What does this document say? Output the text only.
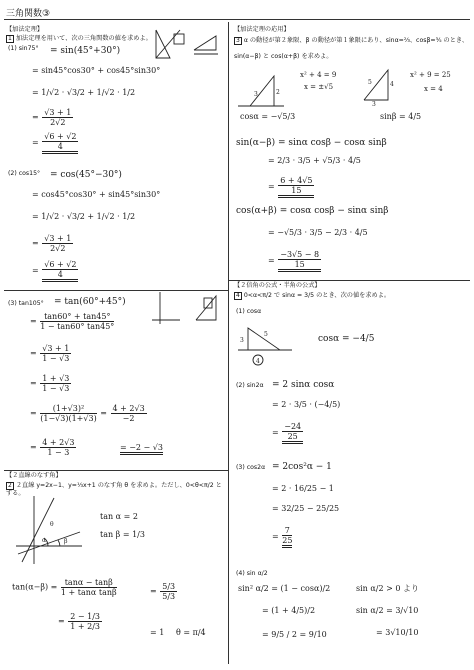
三角関数③
【加法定理】
1 加法定理を用いて、次の三角関数の値を求めよ。
(1) sin75° = sin(45°+30°)
= sin45°cos30° + cos45°sin30°
= 1/√2 · √3/2 + 1/√2 · 1/2
= $\frac{√3 + 1}{2√2}$
= $\frac{√6 + √2}{4}$
(2) cos15° = cos(45°−30°)
= cos45°cos30° + sin45°sin30°
= 1/√2 · √3/2 + 1/√2 · 1/2
= $\frac{√3 + 1}{2√2}$
= $\frac{√6 + √2}{4}$
(3) tan105° = tan(60°+45°)
= $\frac{\tan 60^\circ + \tan 45^\circ}{1 - \tan 60^\circ \tan 45^\circ}$
= $\frac{√3 + 1}{1 - √3}$
= $\frac{1 + √3}{1 - √3}$
= $\frac{\text{(1+√3)²}}{(1-√3)(1+√3)} = \frac{4 + 2√3}{-2}$
= $\frac{4 + 2√3}{1 - 3}$	= −2 − √3
【２直線のなす角】
2 ２直線 y=2x−1、y=⅓x+1 のなす角 θ を求めよ。ただし、0<θ<π/2 とする。
θ
α	β
tan α = 2
tan β = 1/3
$\tan(\alpha-\beta) = \frac{\tan\alpha - \tan\beta}{\text{1 + tanα tanβ}}$
= $\frac{2 - 1/3}{1 + 2/3}$
= $\frac{5/3}{5/3}$
= 1 θ = π/4
【加法定理の応用】
3 α の動径が第２象限、β の動径が第１象限にあり、sinα=⅔、cosβ=⅗ のとき、
sin(α−β) と cos(α+β) を求めよ。
2
3
x² + 4 = 9
x = ±√5	4
5
3
x² + 9 = 25
x = 4
cosα = −√5/3	sinβ = 4/5
sin(α−β) = sinα cosβ − cosα sinβ
= 2/3 · 3/5 + √5/3 · 4/5
= $\frac{6 + 4√5}{15}$
cos(α+β) = cosα cosβ − sinα sinβ
= −√5/3 · 3/5 − 2/3 · 4/5
= $\frac{-3√5 - 8}{15}$
【２倍角の公式・半角の公式】
4 0<α<π/2 で sinα = 3/5 のとき、次の値を求めよ。
(1) cosα
3
5
4
cosα = −4/5
(2) sin2α = 2 sinα cosα
= 2 · 3/5 · (−4/5)
= $\frac{-24}{25}$
(3) cos2α = 2cos²α − 1
= 2 · 16/25 − 1
= 32/25 − 25/25
= $\frac{7}{25}$
(4) sin α/2
sin² α/2 = (1 − cosα)/2
= (1 + 4/5)/2
= 9/5 / 2 = 9/10
sin α/2 > 0 より
sin α/2 = 3/√10
= 3√10/10
